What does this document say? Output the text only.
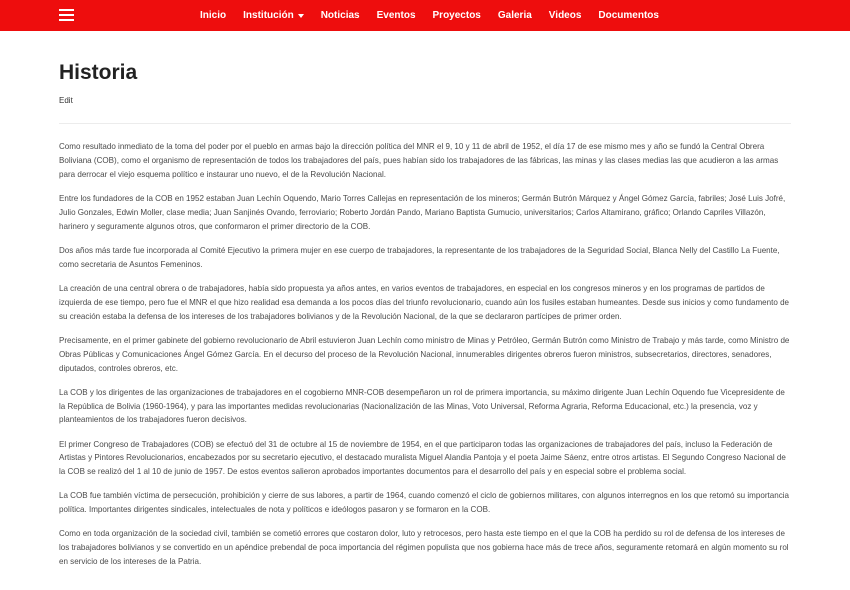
Inicio Institución	Noticias Eventos Proyectos Galeria Videos Documentos
Historia
Edit

Como resultado inmediato de la toma del poder por el pueblo en armas bajo la dirección política del MNR el 9, 10 y 11 de abril de 1952, el día 17 de ese mismo mes y año se fundó la Central Obrera Boliviana (COB), como el organismo de representación de todos los trabajadores del país, pues habían sido los trabajadores de las fábricas, las minas y las clases medias las que acudieron a las armas para derrocar el viejo esquema político e instaurar uno nuevo, el de la Revolución Nacional.

Entre los fundadores de la COB en 1952 estaban Juan Lechín Oquendo, Mario Torres Callejas en representación de los mineros; Germán Butrón Márquez y Ángel Gómez García, fabriles; José Luis Jofré, Julio Gonzales, Edwin Moller, clase media; Juan Sanjinés Ovando, ferroviario; Roberto Jordán Pando, Mariano Baptista Gumucio, universitarios; Carlos Altamirano, gráfico; Orlando Capriles Villazón, harinero y seguramente algunos otros, que conformaron el primer directorio de la COB.

Dos años más tarde fue incorporada al Comité Ejecutivo la primera mujer en ese cuerpo de trabajadores, la representante de los trabajadores de la Seguridad Social, Blanca Nelly del Castillo La Fuente, como secretaria de Asuntos Femeninos.

La creación de una central obrera o de trabajadores, había sido propuesta ya años antes, en varios eventos de trabajadores, en especial en los congresos mineros y en los programas de partidos de izquierda de ese tiempo, pero fue el MNR el que hizo realidad esa demanda a los pocos días del triunfo revolucionario, cuando aún los fusiles estaban humeantes. Desde sus inicios y como fundamento de su creación estaba la defensa de los intereses de los trabajadores bolivianos y de la Revolución Nacional, de la que se declararon partícipes de primer orden.

Precisamente, en el primer gabinete del gobierno revolucionario de Abril estuvieron Juan Lechín como ministro de Minas y Petróleo, Germán Butrón como Ministro de Trabajo y más tarde, como Ministro de Obras Públicas y Comunicaciones Ángel Gómez García. En el decurso del proceso de la Revolución Nacional, innumerables dirigentes obreros fueron ministros, subsecretarios, directores, senadores, diputados, controles obreros, etc.

La COB y los dirigentes de las organizaciones de trabajadores en el cogobierno MNR-COB desempeñaron un rol de primera importancia, su máximo dirigente Juan Lechín Oquendo fue Vicepresidente de la República de Bolivia (1960-1964), y para las importantes medidas revolucionarias (Nacionalización de las Minas, Voto Universal, Reforma Agraria, Reforma Educacional, etc.) la presencia, voz y planteamientos de los trabajadores fueron decisivos.

El primer Congreso de Trabajadores (COB) se efectuó del 31 de octubre al 15 de noviembre de 1954, en el que participaron todas las organizaciones de trabajadores del país, incluso la Federación de Artistas y Pintores Revolucionarios, encabezados por su secretario ejecutivo, el destacado muralista Miguel Alandia Pantoja y el poeta Jaime Sáenz, entre otros artistas. El Segundo Congreso Nacional de la COB se realizó del 1 al 10 de junio de 1957. De estos eventos salieron aprobados importantes documentos para el desarrollo del país y en especial sobre el problema social.

La COB fue también víctima de persecución, prohibición y cierre de sus labores, a partir de 1964, cuando comenzó el ciclo de gobiernos militares, con algunos interregnos en los que retomó su importancia política. Importantes dirigentes sindicales, intelectuales de nota y políticos e ideólogos pasaron y se formaron en la COB.

Como en toda organización de la sociedad civil, también se cometió errores que costaron dolor, luto y retrocesos, pero hasta este tiempo en el que la COB ha perdido su rol de defensa de los intereses de los trabajadores bolivianos y se convertido en un apéndice prebendal de poca importancia del régimen populista que nos gobierna hace más de trece años, seguramente retomará en algún momento su rol en servicio de los intereses de la Patria.
